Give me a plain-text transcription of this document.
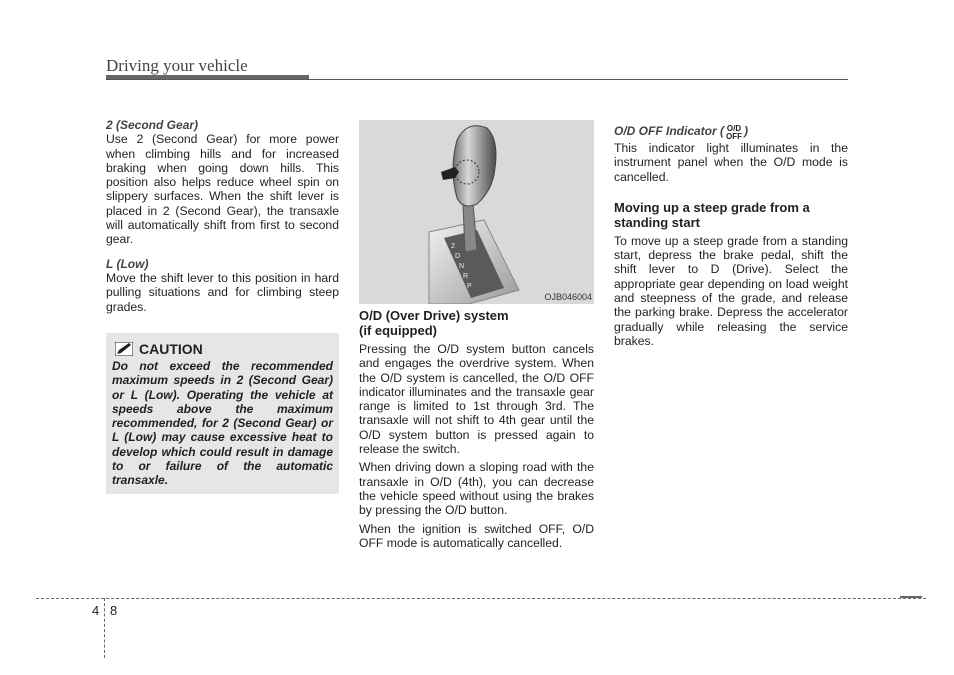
Driving your vehicle

2 (Second Gear)

Use 2 (Second Gear) for more power when climbing hills and for increased braking when going down hills. This position also helps reduce wheel spin on slippery surfaces. When the shift lever is placed in 2 (Second Gear), the transaxle will automatically shift from first to second gear.

L (Low)

Move the shift lever to this position in hard pulling situations and for climbing steep grades.

CAUTION
Do not exceed the recommended maximum speeds in 2 (Second Gear) or L (Low). Operating the vehicle at speeds above the maximum recommended, for 2 (Second Gear) or L (Low) may cause excessive heat to develop which could result in damage to or failure of the automatic transaxle.
2
D
N
R
P
L
OJB046004

O/D (Over Drive) system

(if equipped)

Pressing the O/D system button cancels and engages the overdrive system. When the O/D system is cancelled, the O/D OFF indicator illuminates and the transaxle gear range is limited to 1st through 3rd. The transaxle will not shift to 4th gear until the O/D system button is pressed again to release the switch.

When driving down a sloping road with the transaxle in O/D (4th), you can decrease the vehicle speed without using the brakes by pressing the O/D button.

When the ignition is switched OFF, O/D OFF mode is automatically cancelled.

O/D OFF Indicator ( O/D
OFF )

This indicator light illuminates in the instrument panel when the O/D mode is cancelled.

Moving up a steep grade from a

standing start

To move up a steep grade from a standing start, depress the brake pedal, shift the shift lever to D (Drive). Select the appropriate gear depending on load weight and steepness of the grade, and release the parking brake. Depress the accelerator gradually while releasing the service brakes.

4 8
